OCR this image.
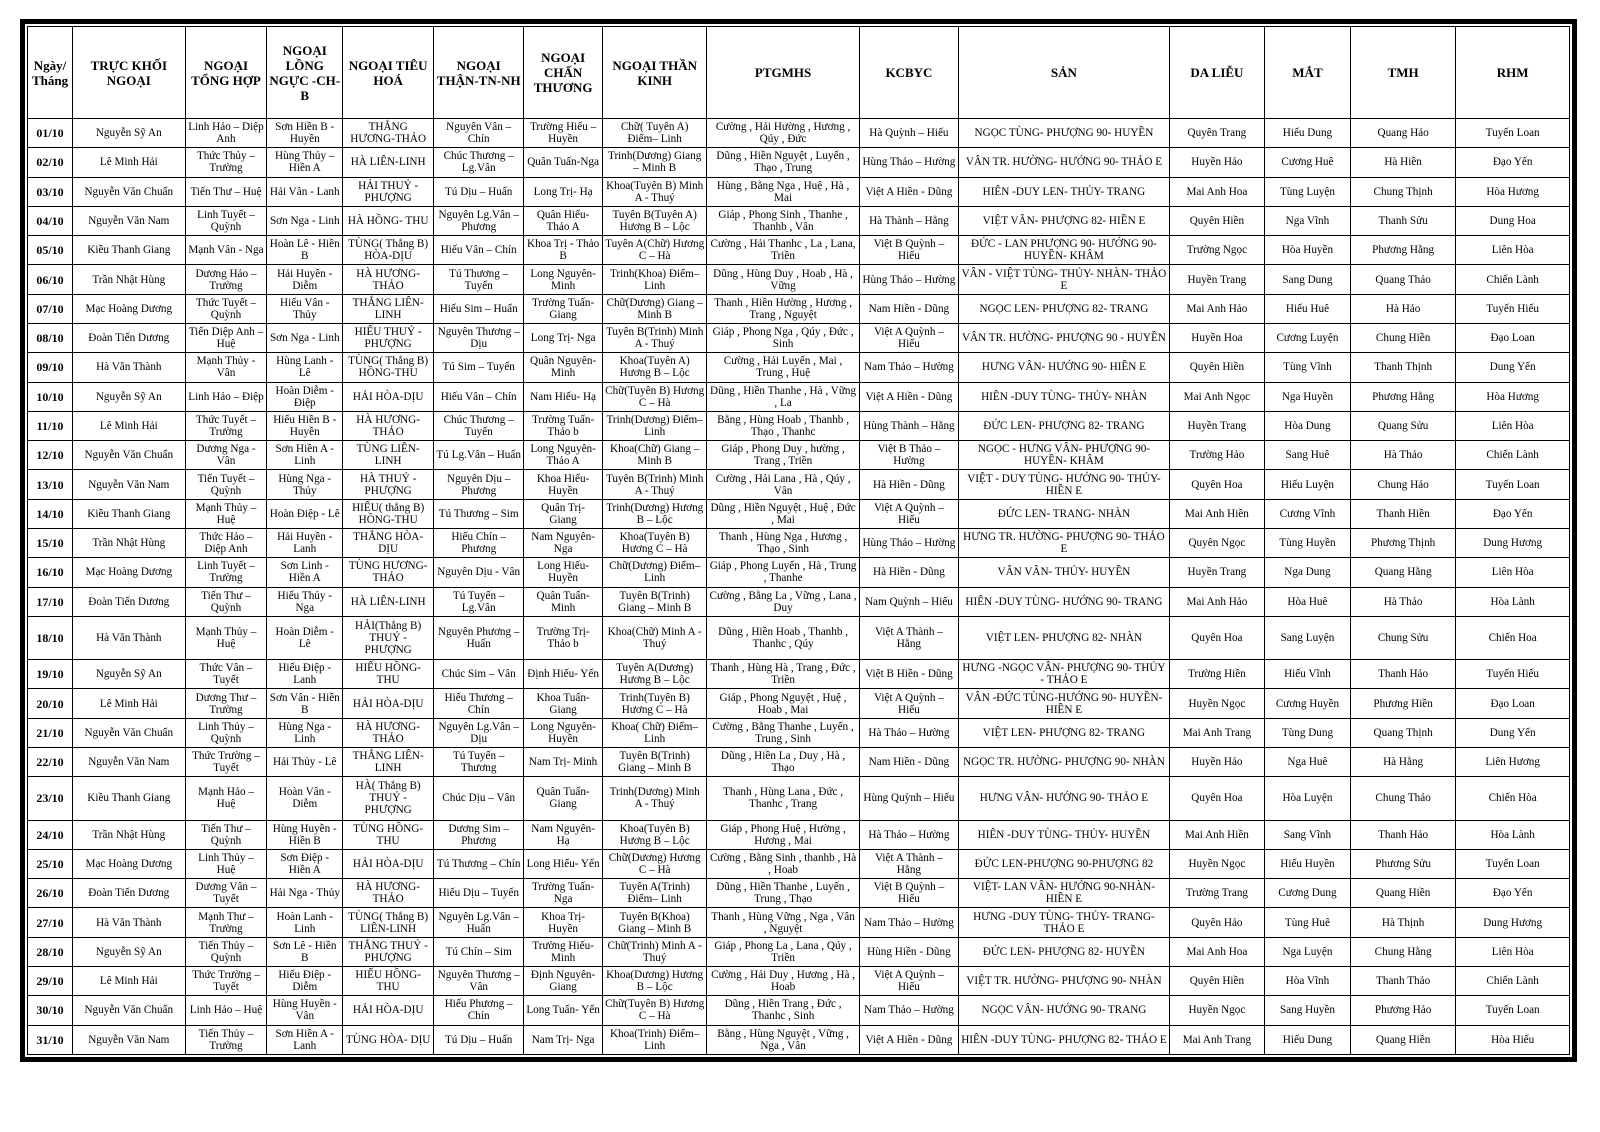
Ngày/ Tháng	TRỰC KHỐI NGOẠI	NGOẠI TỔNG HỢP	NGOẠI LỒNG NGỰC -CH-B	NGOẠI TIÊU HOÁ	NGOẠI THẬN-TN-NH	NGOẠI CHẤN THƯƠNG	NGOẠI THẦN KINH	PTGMHS	KCBYC	SẢN	DA LIỄU	MẮT	TMH	RHM
01/10	Nguyễn Sỹ An	Linh Hảo – Diệp Anh	Sơn Hiền B - Huyền	THẮNG HƯƠNG-THẢO	Nguyên Vân – Chín	Trường Hiếu – Huyền	Chữ( Tuyên A) Điểm– Linh	Cường , Hải Hường , Hương , Qúy , Đức	Hà Quỳnh – Hiếu	NGỌC TÙNG- PHƯỢNG 90- HUYỀN	Quyên Trang	Hiếu Dung	Quang Hảo	Tuyến Loan
02/10	Lê Minh Hải	Thức Thủy – Trường	Hùng Thủy – Hiền A	HÀ LIÊN-LINH	Chúc Thương – Lg.Vân	Quân Tuấn-Nga	Trinh(Dương) Giang – Minh B	Dũng , Hiền Nguyệt , Luyến , Thạo , Trung	Hùng Thảo – Hường	VÂN TR. HƯỜNG- HƯỚNG 90- THẢO E	Huyền Hảo	Cương Huê	Hà Hiền	Đạo Yến
03/10	Nguyễn Văn Chuẩn	Tiến Thư – Huệ	Hải Vân - Lanh	HẢI THUỶ - PHƯỢNG	Tú Dịu – Huấn	Long Trị- Hạ	Khoa(Tuyên B) Minh A - Thuý	Hùng , Bằng Nga , Huệ , Hà , Mai	Việt A Hiền - Dũng	HIÊN -DUY LEN- THỦY- TRANG	Mai Anh Hoa	Tùng Luyện	Chung Thịnh	Hòa Hương
04/10	Nguyễn Văn Nam	Linh Tuyết – Quỳnh	Sơn Nga - Linh	HÀ HỒNG- THU	Nguyên Lg.Vân – Phương	Quân Hiếu- Thảo A	Tuyên B(Tuyên A) Hương B – Lộc	Giáp , Phong Sinh , Thanhe , Thanhb , Vân	Hà Thành – Hằng	VIỆT VÂN- PHƯỢNG 82- HIỀN E	Quyên Hiền	Nga Vĩnh	Thanh Sửu	Dung Hoa
05/10	Kiều Thanh Giang	Mạnh Vân - Nga	Hoàn Lê - Hiền B	TÙNG( Thắng B) HÒA-DỊU	Hiếu Vân – Chín	Khoa Trị - Thảo B	Tuyên A(Chữ) Hương C – Hà	Cường , Hải Thanhc , La , Lana, Triền	Việt B Quỳnh – Hiếu	ĐỨC - LAN PHƯỢNG 90- HƯỚNG 90- HUYỀN- KHÂM	Trường Ngọc	Hòa Huyền	Phương Hằng	Liên Hòa
06/10	Trần Nhật Hùng	Dương Hảo – Trường	Hải Huyền - Diễm	HÀ HƯƠNG- THẢO	Tú Thương – Tuyến	Long Nguyên- Minh	Trinh(Khoa) Điểm– Linh	Dũng , Hùng Duy , Hoab , Hà , Vững	Hùng Thảo – Hường	VÂN - VIỆT TÙNG- THỦY- NHÀN- THẢO E	Huyền Trang	Sang Dung	Quang Thảo	Chiến Lành
07/10	Mạc Hoàng Dương	Thức Tuyết – Quỳnh	Hiếu Vân - Thủy	THẮNG LIÊN- LINH	Hiếu Sim – Huấn	Trường Tuấn- Giang	Chữ(Dương) Giang – Minh B	Thanh , Hiền Hường , Hương , Trang , Nguyệt	Nam Hiền - Dũng	NGỌC LEN- PHƯỢNG 82- TRANG	Mai Anh Hảo	Hiếu Huê	Hà Hảo	Tuyến Hiếu
08/10	Đoàn Tiến Dương	Tiến Diệp Anh – Huệ	Sơn Nga - Linh	HIẾU THUỶ - PHƯỢNG	Nguyên Thương – Dịu	Long Trị- Nga	Tuyên B(Trinh) Minh A - Thuý	Giáp , Phong Nga , Qúy , Đức , Sinh	Việt A Quỳnh – Hiếu	VÂN TR. HƯỜNG- PHƯỢNG 90 - HUYỀN	Huyền Hoa	Cương Luyện	Chung Hiền	Đạo Loan
09/10	Hà Văn Thành	Mạnh Thủy - Vân	Hùng Lanh - Lê	TÙNG( Thắng B) HỒNG-THU	Tú Sim – Tuyến	Quân Nguyên- Minh	Khoa(Tuyên A) Hương B – Lộc	Cường , Hải Luyến , Mai , Trung , Huệ	Nam Thảo – Hường	HƯNG VÂN- HƯỚNG 90- HIỀN E	Quyên Hiền	Tùng Vĩnh	Thanh Thịnh	Dung Yến
10/10	Nguyễn Sỹ An	Linh Hảo – Điệp	Hoàn Diễm - Điệp	HẢI HÒA-DỊU	Hiếu Vân – Chín	Nam Hiếu- Hạ	Chữ(Tuyên B) Hương C – Hà	Dũng , Hiền Thanhe , Hà , Vững , La	Việt A Hiền - Dũng	HIÊN -DUY TÙNG- THỦY- NHÀN	Mai Anh Ngọc	Nga Huyền	Phương Hằng	Hòa Hương
11/10	Lê Minh Hải	Thức Tuyết – Trường	Hiếu Hiền B - Huyền	HÀ HƯƠNG- THẢO	Chúc Thương – Tuyến	Trường Tuấn- Thảo b	Trinh(Dương) Điểm– Linh	Bằng , Hùng Hoab , Thanhb , Thạo , Thanhc	Hùng Thành – Hằng	ĐỨC LEN- PHƯỢNG 82- TRANG	Huyền Trang	Hòa Dung	Quang Sửu	Liên Hòa
12/10	Nguyễn Văn Chuẩn	Dương Nga - Vân	Sơn Hiền A - Linh	TÙNG LIÊN- LINH	Tú Lg.Vân – Huấn	Long Nguyên- Thảo A	Khoa(Chữ) Giang – Minh B	Giáp , Phong Duy , hường , Trang , Triền	Việt B Thảo – Hường	NGỌC - HƯNG VÂN- PHƯỢNG 90- HUYỀN- KHÂM	Trường Hảo	Sang Huê	Hà Thảo	Chiến Lành
13/10	Nguyễn Văn Nam	Tiến Tuyết – Quỳnh	Hùng Nga - Thủy	HÀ THUỶ - PHƯỢNG	Nguyên Dịu – Phương	Khoa Hiếu- Huyền	Tuyên B(Trinh) Minh A - Thuý	Cường , Hải Lana , Hà , Qúy , Vân	Hà Hiền - Dũng	VIỆT - DUY TÙNG- HƯỚNG 90- THỦY- HIỀN E	Quyên Hoa	Hiếu Luyện	Chung Hảo	Tuyến Loan
14/10	Kiều Thanh Giang	Mạnh Thủy – Huệ	Hoàn Điệp - Lê	HIẾU( thắng B) HỒNG-THU	Tú Thương – Sim	Quân Trị- Giang	Trinh(Dương) Hương B – Lộc	Dũng , Hiền Nguyệt , Huệ , Đức , Mai	Việt A Quỳnh – Hiếu	ĐỨC LEN- TRANG- NHÀN	Mai Anh Hiền	Cương Vĩnh	Thanh Hiền	Đạo Yến
15/10	Trần Nhật Hùng	Thức Hảo – Diệp Anh	Hải Huyền - Lanh	THẮNG HÒA- DỊU	Hiếu Chín – Phương	Nam Nguyên- Nga	Khoa(Tuyên B) Hương C – Hà	Thanh , Hùng Nga , Hương , Thạo , Sinh	Hùng Thảo – Hường	HƯNG TR. HƯỜNG- PHƯỢNG 90- THẢO E	Quyên Ngọc	Tùng Huyền	Phương Thịnh	Dung Hương
16/10	Mạc Hoàng Dương	Linh Tuyết – Trường	Sơn Linh - Hiền A	TÙNG HƯƠNG-THẢO	Nguyên Dịu - Vân	Long Hiếu- Huyền	Chữ(Dương) Điểm– Linh	Giáp , Phong Luyến , Hà , Trung , Thanhe	Hà Hiền - Dũng	VÂN VÂN- THỦY- HUYỀN	Huyền Trang	Nga Dung	Quang Hằng	Liên Hòa
17/10	Đoàn Tiến Dương	Tiến Thư – Quỳnh	Hiếu Thủy - Nga	HÀ LIÊN-LINH	Tú Tuyến – Lg.Vân	Quân Tuấn- Minh	Tuyên B(Trinh) Giang – Minh B	Cường , Bằng La , Vững , Lana , Duy	Nam Quỳnh – Hiếu	HIÊN -DUY TÙNG- HƯỚNG 90- TRANG	Mai Anh Hảo	Hòa Huê	Hà Thảo	Hòa Lành
18/10	Hà Văn Thành	Mạnh Thủy – Huệ	Hoàn Diễm - Lê	HẢI(Thắng B) THUỶ - PHƯỢNG	Nguyên Phương – Huấn	Trường Trị- Thảo b	Khoa(Chữ) Minh A - Thuý	Dũng , Hiền Hoab , Thanhb , Thanhc , Qúy	Việt A Thành – Hằng	VIỆT LEN- PHƯỢNG 82- NHÀN	Quyên Hoa	Sang Luyện	Chung Sửu	Chiến Hoa
19/10	Nguyễn Sỹ An	Thức Vân – Tuyết	Hiếu Điệp - Lanh	HIẾU HỒNG- THU	Chúc Sim – Vân	Định Hiếu- Yến	Tuyên A(Dương) Hương B – Lộc	Thanh , Hùng Hà , Trang , Đức , Triền	Việt B Hiền - Dũng	HƯNG -NGỌC VÂN- PHƯỢNG 90- THỦY - THẢO E	Trường Hiền	Hiếu Vĩnh	Thanh Hảo	Tuyến Hiếu
20/10	Lê Minh Hải	Dương Thư – Trường	Sơn Vân - Hiền B	HẢI HÒA-DỊU	Hiếu Thương – Chín	Khoa Tuấn- Giang	Trinh(Tuyên B) Hương C – Hà	Giáp , Phong Nguyệt , Huệ , Hoab , Mai	Việt A Quỳnh – Hiếu	VÂN -ĐỨC TÙNG-HƯỚNG 90- HUYỀN- HIỀN E	Huyền Ngọc	Cương Huyền	Phương Hiền	Đạo Loan
21/10	Nguyễn Văn Chuẩn	Linh Thủy – Quỳnh	Hùng Nga - Linh	HÀ HƯƠNG- THẢO	Nguyên Lg.Vân – Dịu	Long Nguyên- Huyền	Khoa( Chữ) Điểm– Linh	Cường , Bằng Thanhe , Luyến , Trung , Sinh	Hà Thảo – Hường	VIỆT LEN- PHƯỢNG 82- TRANG	Mai Anh Trang	Tùng Dung	Quang Thịnh	Dung Yến
22/10	Nguyễn Văn Nam	Thức Trường – Tuyết	Hải Thủy - Lê	THẮNG LIÊN- LINH	Tú Tuyến – Thương	Nam Trị- Minh	Tuyên B(Trinh) Giang – Minh B	Dũng , Hiền La , Duy , Hà , Thạo	Nam Hiền - Dũng	NGỌC TR. HƯỜNG- PHƯỢNG 90- NHÀN	Huyền Hảo	Nga Huê	Hà Hằng	Liên Hương
23/10	Kiều Thanh Giang	Mạnh Hảo – Huệ	Hoàn Vân - Diễm	HÀ( Thắng B) THUỶ - PHƯỢNG	Chúc Dịu – Vân	Quân Tuấn- Giang	Trinh(Dương) Minh A - Thuý	Thanh , Hùng Lana , Đức , Thanhc , Trang	Hùng Quỳnh – Hiếu	HƯNG VÂN- HƯỚNG 90- THẢO E	Quyên Hoa	Hòa Luyện	Chung Thảo	Chiến Hòa
24/10	Trần Nhật Hùng	Tiến Thư – Quỳnh	Hùng Huyền - Hiền B	TÙNG HỒNG- THU	Dương Sim – Phương	Nam Nguyên- Hạ	Khoa(Tuyên B) Hương B – Lộc	Giáp , Phong Huệ , Hường , Hương , Mai	Hà Thảo – Hường	HIÊN -DUY TÙNG- THỦY- HUYỀN	Mai Anh Hiền	Sang Vĩnh	Thanh Hảo	Hòa Lành
25/10	Mạc Hoàng Dương	Linh Thủy – Huệ	Sơn Điệp - Hiền A	HẢI HÒA-DỊU	Tú Thương – Chín	Long Hiếu- Yến	Chữ(Dương) Hương C – Hà	Cường , Bằng Sinh , thanhb , Hà , Hoab	Việt A Thành – Hằng	ĐỨC LEN-PHƯỢNG 90-PHƯỢNG 82	Huyền Ngọc	Hiếu Huyền	Phương Sửu	Tuyến Loan
26/10	Đoàn Tiến Dương	Dương Vân – Tuyết	Hải Nga - Thủy	HÀ HƯƠNG- THẢO	Hiếu Dịu – Tuyến	Trường Tuấn- Nga	Tuyên A(Trinh) Điểm– Linh	Dũng , Hiền Thanhe , Luyến , Trung , Thạo	Việt B Quỳnh – Hiếu	VIỆT- LAN VÂN- HƯỚNG 90-NHÀN- HIỀN E	Trường Trang	Cương Dung	Quang Hiền	Đạo Yến
27/10	Hà Văn Thành	Mạnh Thư – Trường	Hoàn Lanh - Linh	TÙNG( Thắng B) LIÊN-LINH	Nguyên Lg.Vân – Huấn	Khoa Trị- Huyền	Tuyên B(Khoa) Giang – Minh B	Thanh , Hùng Vững , Nga , Vân , Nguyệt	Nam Thảo – Hường	HƯNG -DUY TÙNG- THỦY- TRANG- THẢO E	Quyên Hảo	Tùng Huê	Hà Thịnh	Dung Hương
28/10	Nguyễn Sỹ An	Tiến Thủy – Quỳnh	Sơn Lê - Hiền B	THẮNG THUỶ - PHƯỢNG	Tú Chín – Sim	Trường Hiếu- Minh	Chữ(Trinh) Minh A - Thuý	Giáp , Phong La , Lana , Qúy , Triền	Hùng Hiền - Dũng	ĐỨC LEN- PHƯỢNG 82- HUYỀN	Mai Anh Hoa	Nga Luyện	Chung Hằng	Liên Hòa
29/10	Lê Minh Hải	Thức Trường – Tuyết	Hiếu Điệp - Diễm	HIẾU HỒNG- THU	Nguyên Thương – Vân	Định Nguyên- Giang	Khoa(Dương) Hương B – Lộc	Cường , Hải Duy , Hương , Hà , Hoab	Việt A Quỳnh – Hiếu	VIỆT TR. HƯỜNG- PHƯỢNG 90- NHÀN	Quyên Hiền	Hòa Vĩnh	Thanh Thảo	Chiến Lành
30/10	Nguyễn Văn Chuẩn	Linh Hảo – Huệ	Hùng Huyền - Vân	HẢI HÒA-DỊU	Hiếu Phương – Chín	Long Tuấn- Yến	Chữ(Tuyên B) Hương C – Hà	Dũng , Hiền Trang , Đức , Thanhc , Sinh	Nam Thảo – Hường	NGỌC VÂN- HƯỚNG 90- TRANG	Huyền Ngọc	Sang Huyền	Phương Hảo	Tuyến Loan
31/10	Nguyễn Văn Nam	Tiến Thủy – Trường	Sơn Hiền A - Lanh	TÙNG HÒA- DỊU	Tú Dịu – Huấn	Nam Trị- Nga	Khoa(Trinh) Điểm– Linh	Bằng , Hùng Nguyệt , Vững , Nga , Vân	Việt A Hiền - Dũng	HIÊN -DUY TÙNG- PHƯỢNG 82- THẢO E	Mai Anh Trang	Hiếu Dung	Quang Hiền	Hòa Hiếu
